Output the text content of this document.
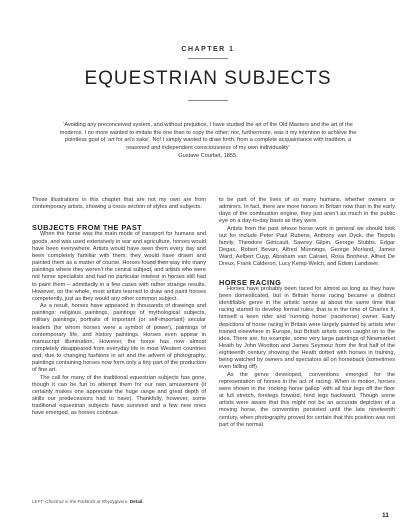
CHAPTER 1
EQUESTRIAN SUBJECTS
‘Avoiding any preconceived system, and without prejudice, I have studied the art of the Old Masters and the art of the moderns. I no more wanted to imitate the one than to copy the other; nor, furthermore, was it my intention to achieve the pointless goal of ‘art for art’s sake’. No! I simply wanted to draw forth, from a complete acquaintance with tradition, a reasoned and independent consciousness of my own individuality’
Gustave Courbet, 1855.

Those illustrations in this chapter that are not my own are from contemporary artists, showing a cross section of styles and subjects.

SUBJECTS FROM THE PAST

When the horse was the main mode of transport for humans and goods, and was used extensively in war and agriculture, horses would have been everywhere. Artists would have seen them every day and been completely familiar with them; they would have drawn and painted them as a matter of course. Horses found their way into many paintings where they weren’t the central subject, and artists who were not horse specialists and had no particular interest in horses still had to paint them – admittedly in a few cases with rather strange results. However, on the whole, most artists learned to draw and paint horses competently, just as they would any other common subject.

As a result, horses have appeared in thousands of drawings and paintings: religious paintings, paintings of mythological subjects, military paintings, portraits of important (or self-important) secular leaders (for whom horses were a symbol of power), paintings of contemporary life, and history paintings. Horses even appear in manuscript illumination. However, the horse has now almost completely disappeared from everyday life in most Western countries and, due to changing fashions in art and the advent of photography, paintings containing horses now form only a tiny part of the production of fine art.

The call for many of the traditional equestrian subjects has gone, though it can be fun to attempt them for our own amusement (it certainly makes one appreciate the huge range and great depth of skills our predecessors had to have). Thankfully, however, some traditional equestrian subjects have survived and a few new ones have emerged, as horses continue

to be part of the lives of so many humans, whether owners or admirers. In fact, there are more horses in Britain now than in the early days of the combustion engine, they just aren’t as much in the public eye on a day-to-day basis as they were.

Artists from the past whose horse work in general we should look out for include Peter Paul Rubens, Anthony van Dyck, the Tiepolo family, Theodore Géricault, Sawrey Gilpin, George Stubbs, Edgar Degas, Robert Bevan, Alfred Munnings, George Morland, James Ward, Aelbert Cuyp, Abraham van Calraet, Rosa Bonheur, Alfred De Dreux, Frank Calderon, Lucy Kemp-Welch, and Edwin Landseer.

HORSE RACING

Horses have probably been raced for almost as long as they have been domesticated, but in Britain horse racing became a distinct identifiable genre in the artistic sense at about the same time that racing started to develop formal rules; that is in the time of Charles II, himself a keen rider and ‘running horse’ (racehorse) owner. Early depictions of horse racing in Britain were largely painted by artists who trained elsewhere in Europe, but British artists soon caught on to the idea. There are, for example, some very large paintings of Newmarket Heath by John Wootton and James Seymour from the first half of the eighteenth century showing the Heath dotted with horses in training, being watched by owners and spectators all on horseback (sometimes even falling off).

As the genre developed, conventions emerged for the representation of horses in the act of racing. When in motion, horses were shown in the ‘rocking horse gallop’ with all four legs off the floor at full stretch, forelegs forward, hind legs backward. Though some artists were aware that this might not be an accurate depiction of a moving horse, the convention persisted until the late nineteenth century, when photography proved for certain that this position was not part of the normal

LEFT: Chestnut in the Paddock at Rhydygwern. Detail.
11
